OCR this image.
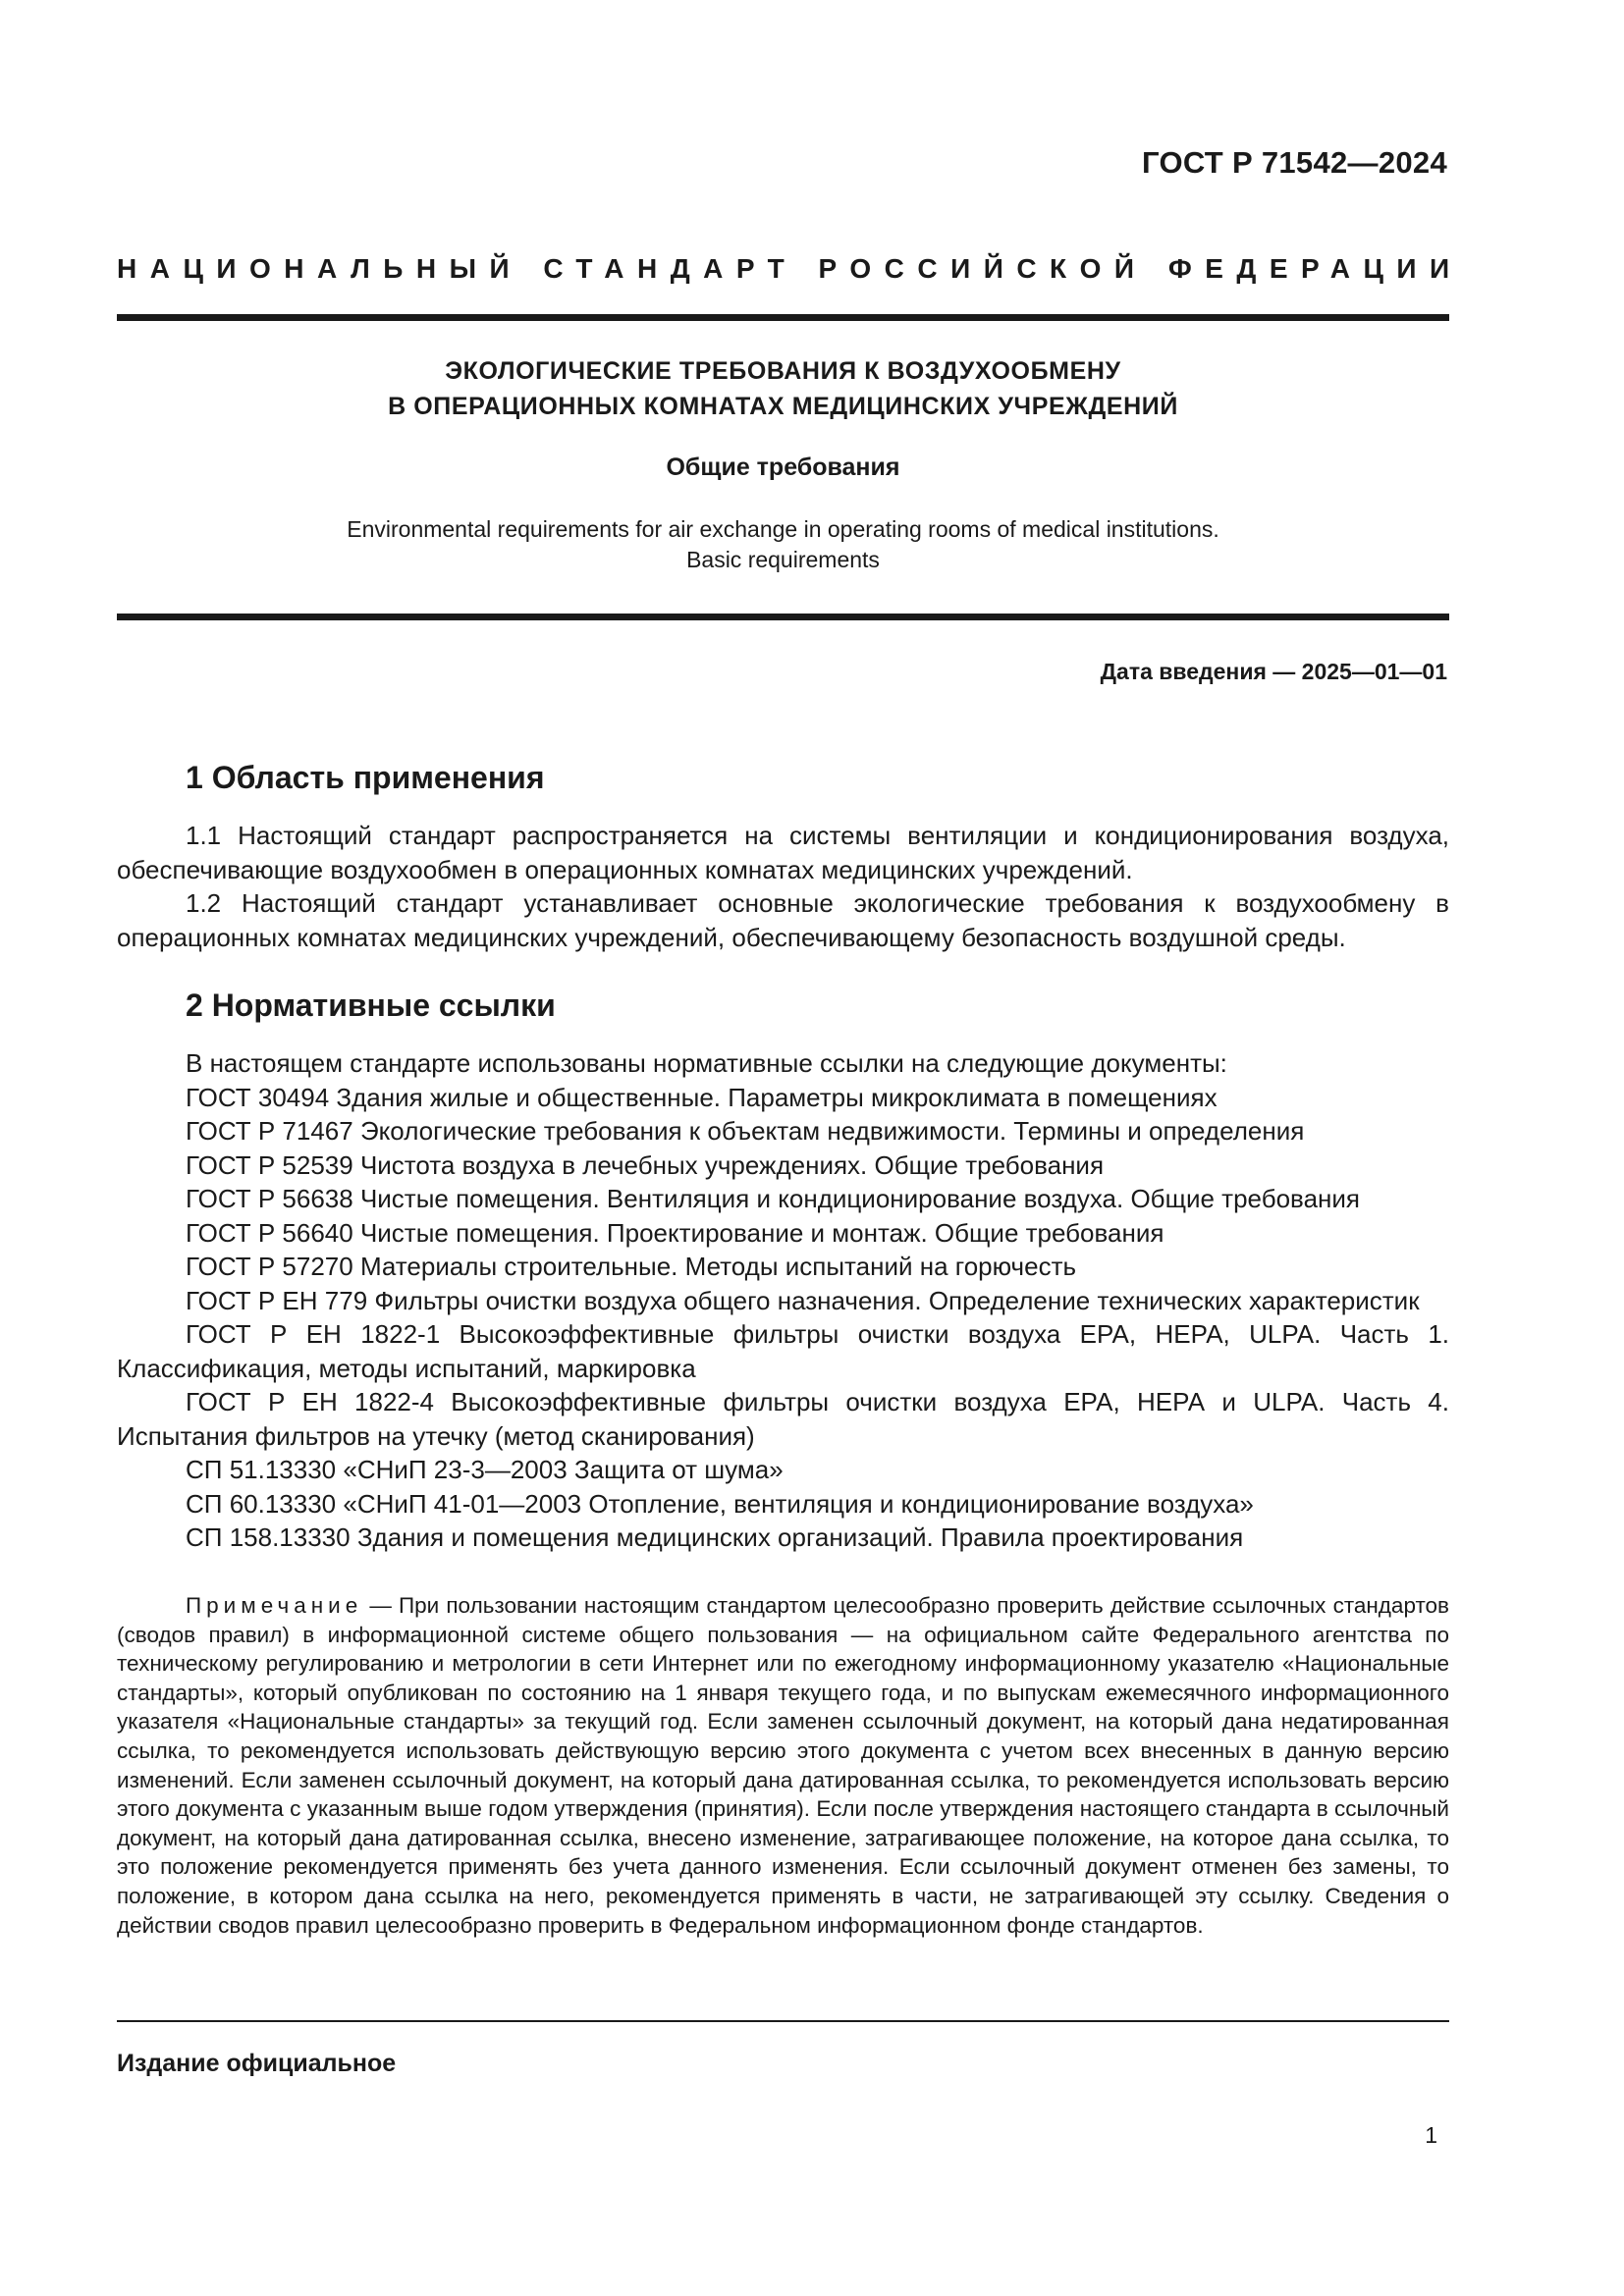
ГОСТ Р 71542—2024
НАЦИОНАЛЬНЫЙ СТАНДАРТ РОССИЙСКОЙ ФЕДЕРАЦИИ
ЭКОЛОГИЧЕСКИЕ ТРЕБОВАНИЯ К ВОЗДУХООБМЕНУ
В ОПЕРАЦИОННЫХ КОМНАТАХ МЕДИЦИНСКИХ УЧРЕЖДЕНИЙ
Общие требования
Environmental requirements for air exchange in operating rooms of medical institutions.
Basic requirements
Дата введения — 2025—01—01
1 Область применения

1.1 Настоящий стандарт распространяется на системы вентиляции и кондиционирования воздуха, обеспечивающие воздухообмен в операционных комнатах медицинских учреждений.

1.2 Настоящий стандарт устанавливает основные экологические требования к воздухообмену в операционных комнатах медицинских учреждений, обеспечивающему безопасность воздушной среды.

2 Нормативные ссылки

В настоящем стандарте использованы нормативные ссылки на следующие документы:

ГОСТ 30494 Здания жилые и общественные. Параметры микроклимата в помещениях

ГОСТ Р 71467 Экологические требования к объектам недвижимости. Термины и определения

ГОСТ Р 52539 Чистота воздуха в лечебных учреждениях. Общие требования

ГОСТ Р 56638 Чистые помещения. Вентиляция и кондиционирование воздуха. Общие требования

ГОСТ Р 56640 Чистые помещения. Проектирование и монтаж. Общие требования

ГОСТ Р 57270 Материалы строительные. Методы испытаний на горючесть

ГОСТ Р ЕН 779 Фильтры очистки воздуха общего назначения. Определение технических характеристик

ГОСТ Р ЕН 1822-1 Высокоэффективные фильтры очистки воздуха ЕРА, НЕРА, ULPA. Часть 1. Классификация, методы испытаний, маркировка

ГОСТ Р ЕН 1822-4 Высокоэффективные фильтры очистки воздуха ЕРА, НЕРА и ULPA. Часть 4. Испытания фильтров на утечку (метод сканирования)

СП 51.13330 «СНиП 23-3—2003 Защита от шума»

СП 60.13330 «СНиП 41-01—2003 Отопление, вентиляция и кондиционирование воздуха»

СП 158.13330 Здания и помещения медицинских организаций. Правила проектирования

Примечание — При пользовании настоящим стандартом целесообразно проверить действие ссылочных стандартов (сводов правил) в информационной системе общего пользования — на официальном сайте Федерального агентства по техническому регулированию и метрологии в сети Интернет или по ежегодному информационному указателю «Национальные стандарты», который опубликован по состоянию на 1 января текущего года, и по выпускам ежемесячного информационного указателя «Национальные стандарты» за текущий год. Если заменен ссылочный документ, на который дана недатированная ссылка, то рекомендуется использовать действующую версию этого документа с учетом всех внесенных в данную версию изменений. Если заменен ссылочный документ, на который дана датированная ссылка, то рекомендуется использовать версию этого документа с указанным выше годом утверждения (принятия). Если после утверждения настоящего стандарта в ссылочный документ, на который дана датированная ссылка, внесено изменение, затрагивающее положение, на которое дана ссылка, то это положение рекомендуется применять без учета данного изменения. Если ссылочный документ отменен без замены, то положение, в котором дана ссылка на него, рекомендуется применять в части, не затрагивающей эту ссылку. Сведения о действии сводов правил целесообразно проверить в Федеральном информационном фонде стандартов.

Издание официальное
1
